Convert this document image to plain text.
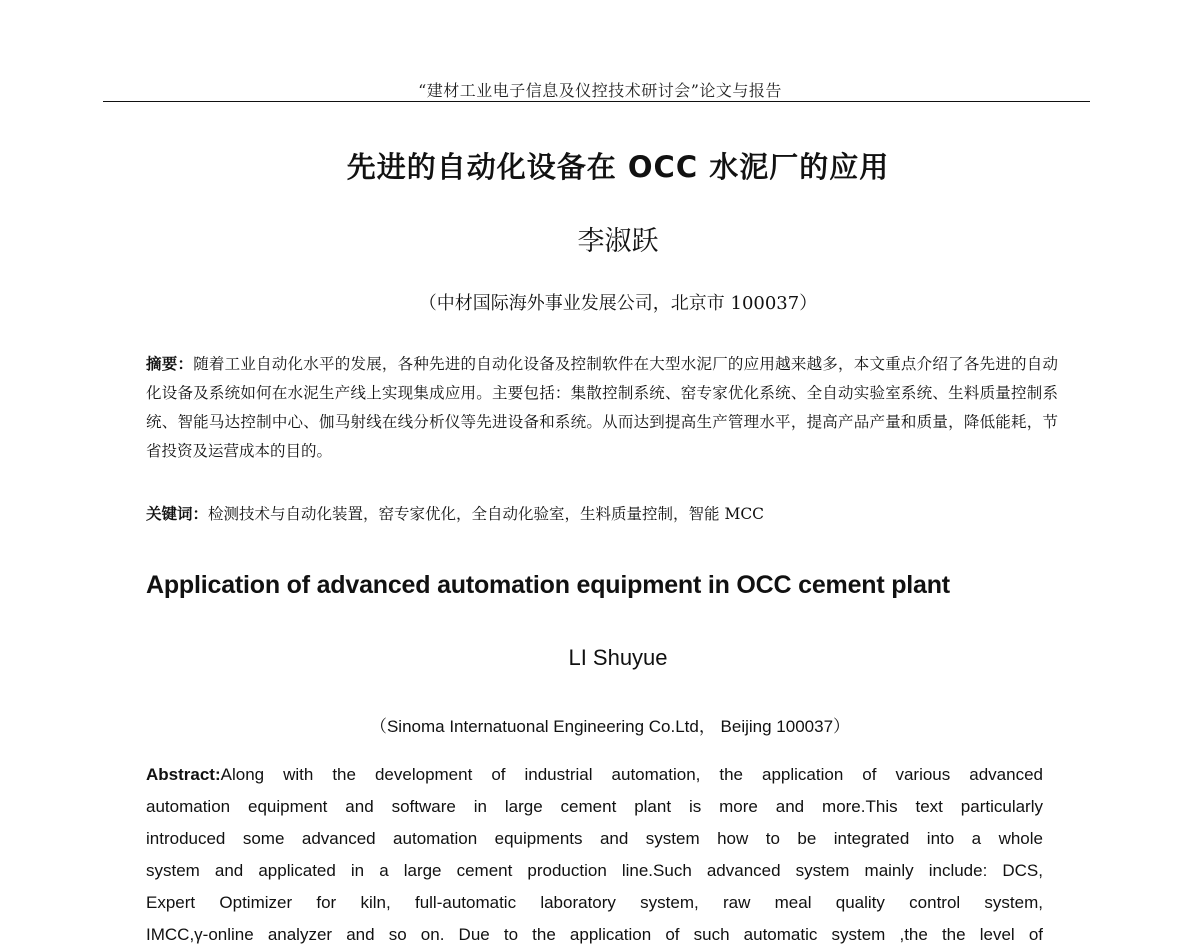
“建材工业电子信息及仪控技术研讨会”论文与报告
先进的自动化设备在 OCC 水泥厂的应用
李淑跃
（中材国际海外事业发展公司，北京市 100037）

摘要：随着工业自动化水平的发展，各种先进的自动化设备及控制软件在大型水泥厂的应用越来越多，本文重点介绍了各先进的自动化设备及系统如何在水泥生产线上实现集成应用。主要包括：集散控制系统、窑专家优化系统、全自动实验室系统、生料质量控制系统、智能马达控制中心、伽马射线在线分析仪等先进设备和系统。从而达到提高生产管理水平，提高产品产量和质量，降低能耗，节省投资及运营成本的目的。

关键词：检测技术与自动化装置，窑专家优化，全自动化验室，生料质量控制，智能 MCC

Application of advanced automation equipment in OCC cement plant
LI Shuyue
（Sinoma Internatuonal Engineering Co.Ltd， Beijing 100037）
Abstract:Along with the development of industrial automation, the application of various advanced
automation equipment and software in large cement plant is more and more.This text particularly
introduced some advanced automation equipments and system how to be integrated into a whole
system and applicated in a large cement production line.Such advanced system mainly include: DCS,
Expert Optimizer for kiln, full-automatic laboratory system, raw meal quality control system,
IMCC,γ-online analyzer and so on. Due to the application of such automatic system ,the the level of
